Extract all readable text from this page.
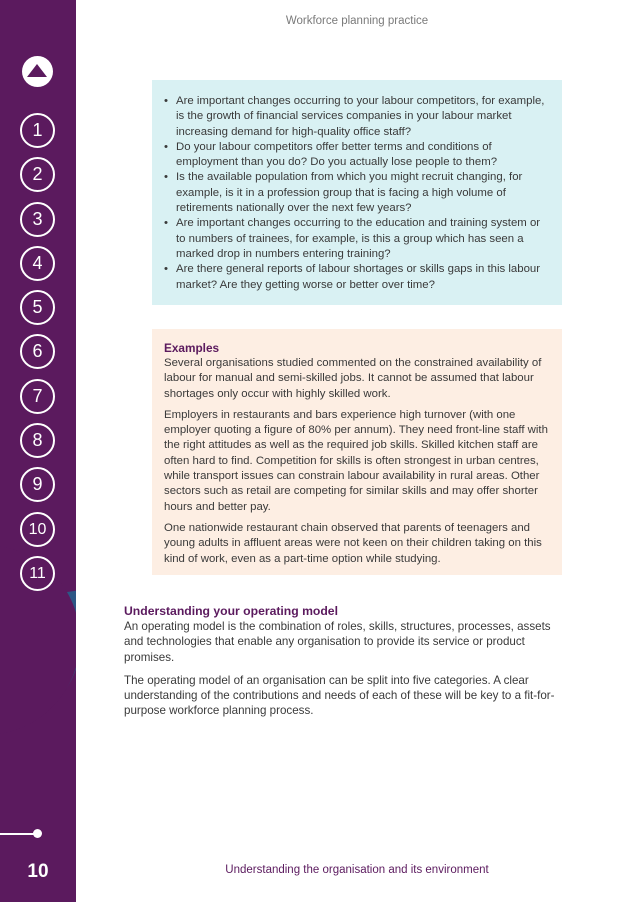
1
2
3
4
5
6
7
8
9
10
11
10
Workforce planning practice
• Are important changes occurring to your labour competitors, for example, is the growth of financial services companies in your labour market increasing demand for high-quality office staff?
• Do your labour competitors offer better terms and conditions of employment than you do? Do you actually lose people to them?
• Is the available population from which you might recruit changing, for example, is it in a profession group that is facing a high volume of retirements nationally over the next few years?
• Are important changes occurring to the education and training system or to numbers of trainees, for example, is this a group which has seen a marked drop in numbers entering training?
• Are there general reports of labour shortages or skills gaps in this labour market? Are they getting worse or better over time?
Examples

Several organisations studied commented on the constrained availability of labour for manual and semi-skilled jobs. It cannot be assumed that labour shortages only occur with highly skilled work.

Employers in restaurants and bars experience high turnover (with one employer quoting a figure of 80% per annum). They need front-line staff with the right attitudes as well as the required job skills. Skilled kitchen staff are often hard to find. Competition for skills is often strongest in urban centres, while transport issues can constrain labour availability in rural areas. Other sectors such as retail are competing for similar skills and may offer shorter hours and better pay.

One nationwide restaurant chain observed that parents of teenagers and young adults in affluent areas were not keen on their children taking on this kind of work, even as a part-time option while studying.

Understanding your operating model

An operating model is the combination of roles, skills, structures, processes, assets and technologies that enable any organisation to provide its service or product promises.

The operating model of an organisation can be split into five categories. A clear understanding of the contributions and needs of each of these will be key to a fit-for-purpose workforce planning process.

Understanding the organisation and its environment
